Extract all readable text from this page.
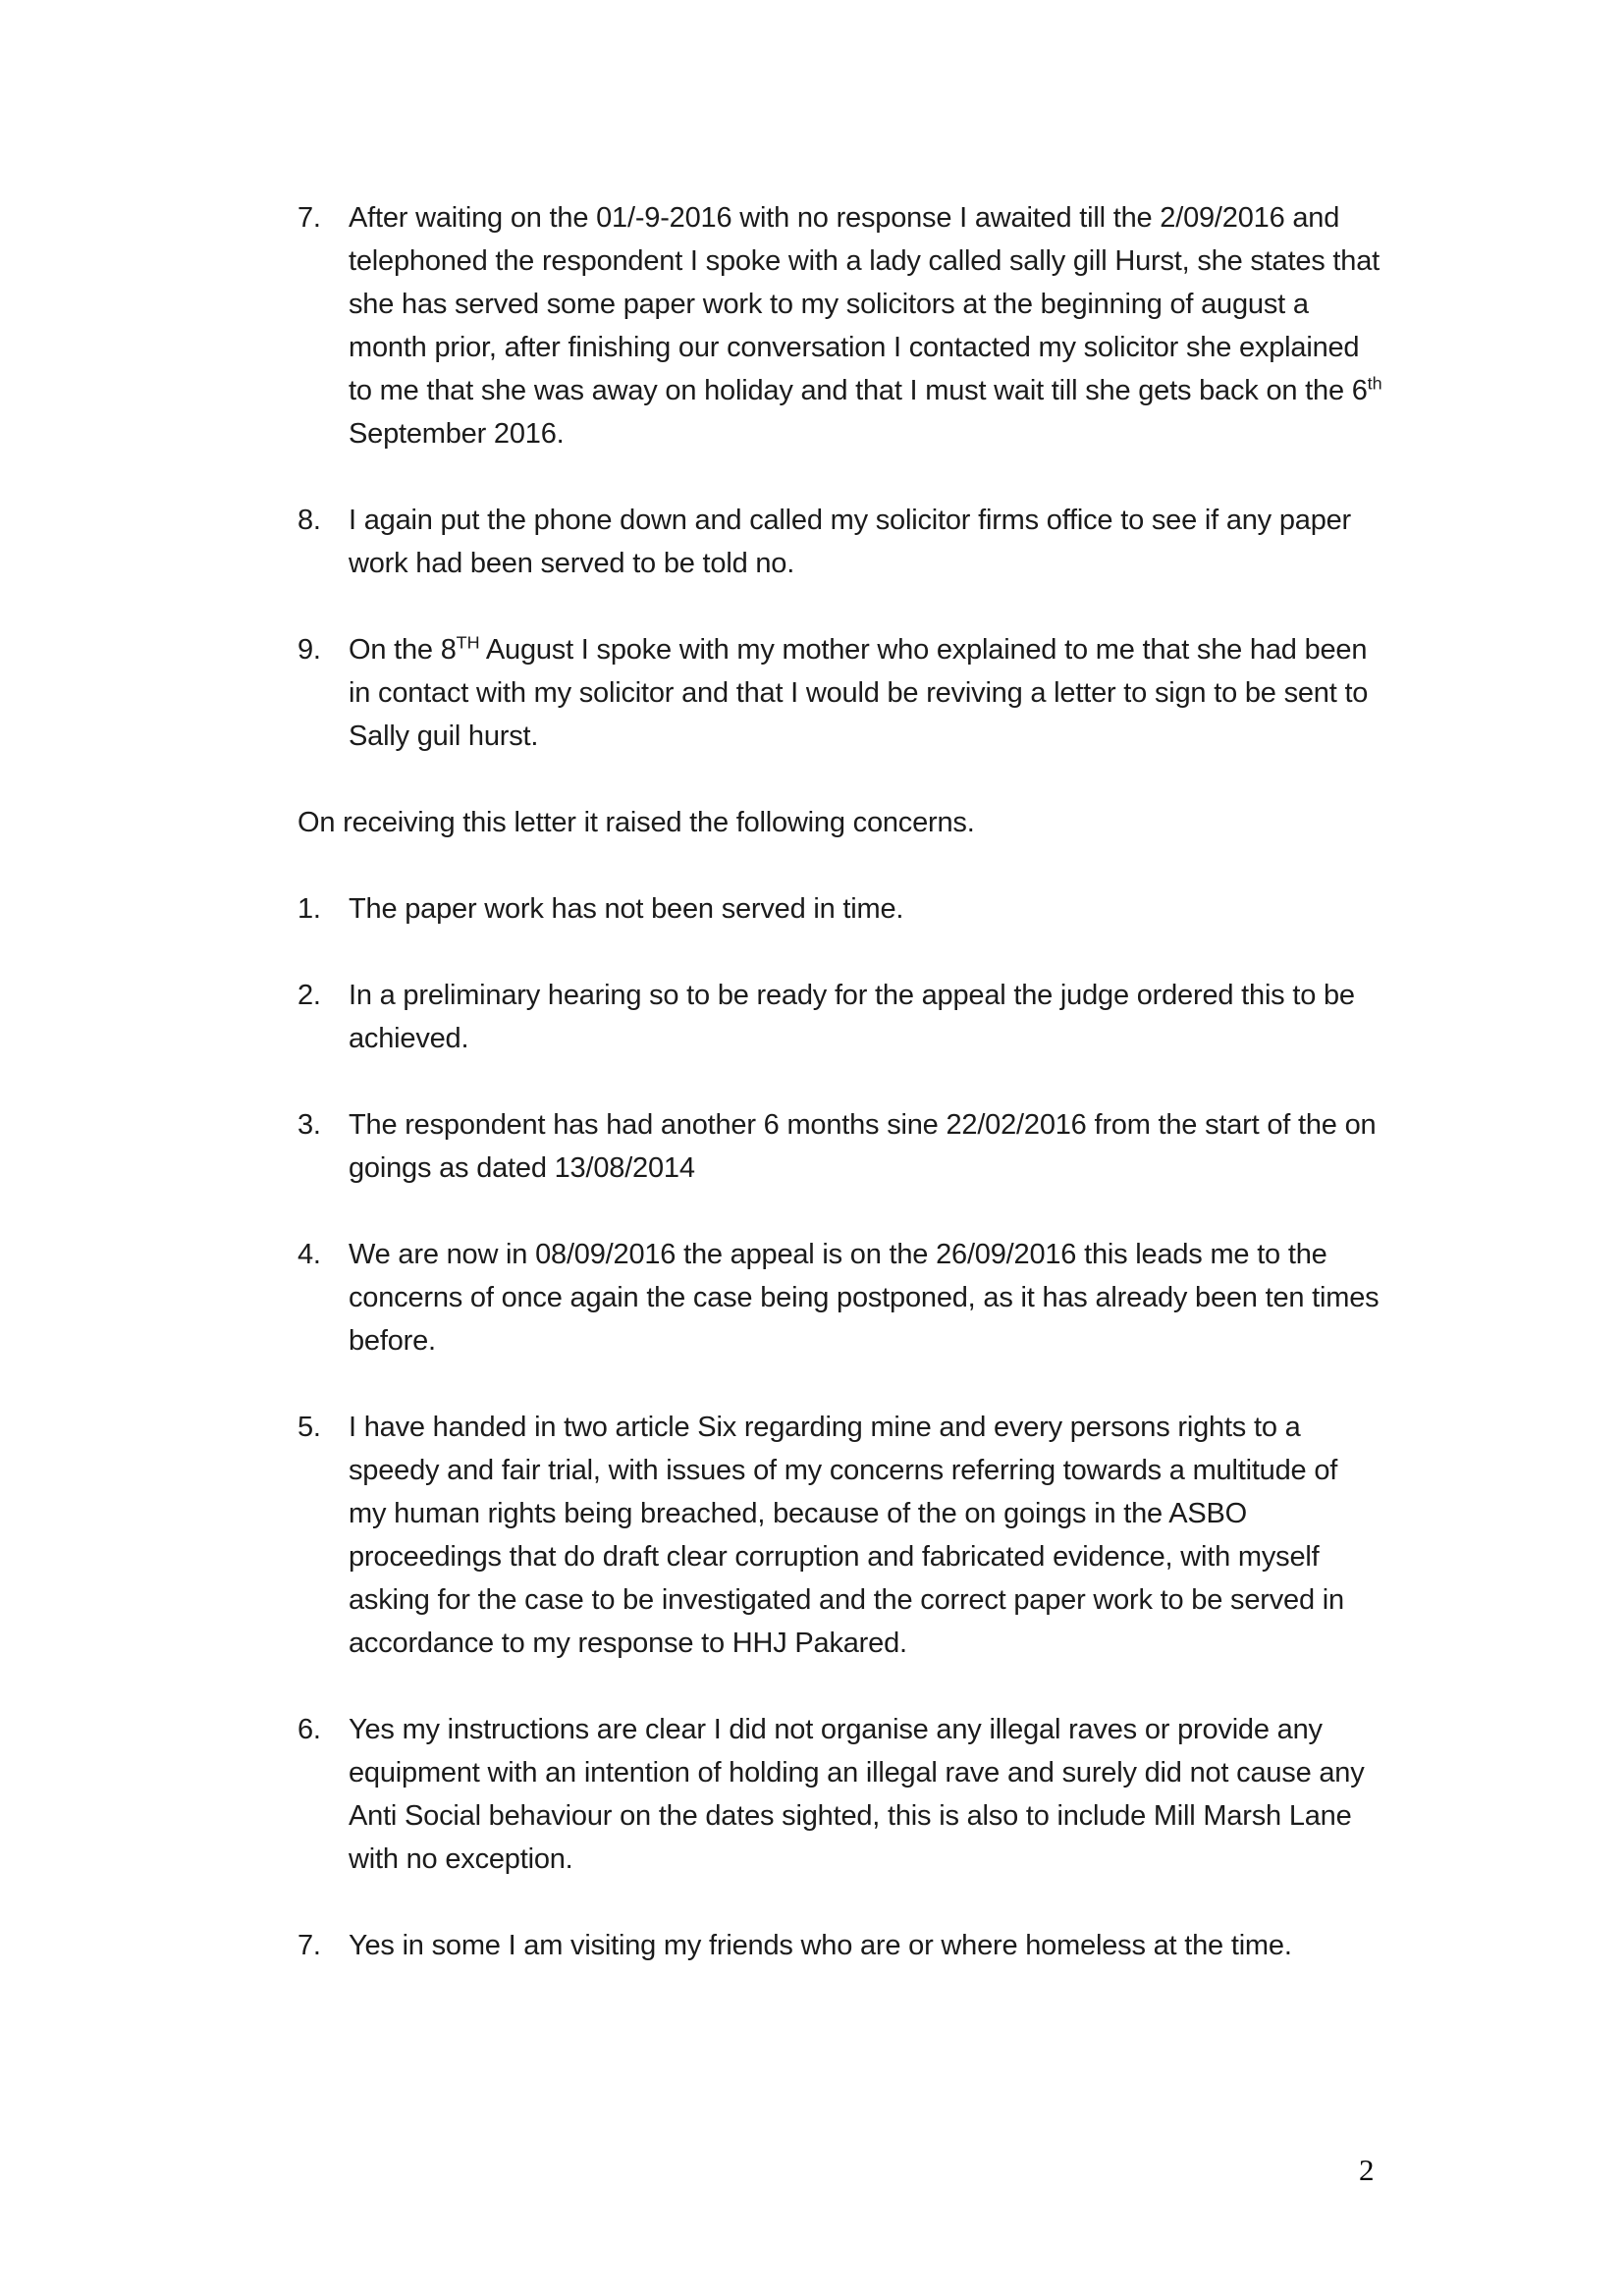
7. After waiting on the 01/-9-2016 with no response I awaited till the 2/09/2016 and telephoned the respondent I spoke with a lady called sally gill Hurst, she states that she has served some paper work to my solicitors at the beginning of august a month prior, after finishing our conversation I contacted my solicitor she explained to me that she was away on holiday and that I must wait till she gets back on the 6th September 2016.
8. I again put the phone down and called my solicitor firms office to see if any paper work had been served to be told no.
9. On the 8TH August I spoke with my mother who explained to me that she had been in contact with my solicitor and that I would be reviving a letter to sign to be sent to Sally guil hurst.
On receiving this letter it raised the following concerns.
1. The paper work has not been served in time.
2. In a preliminary hearing so to be ready for the appeal the judge ordered this to be achieved.
3. The respondent has had another 6 months sine 22/02/2016 from the start of the on goings as dated 13/08/2014
4. We are now in 08/09/2016 the appeal is on the 26/09/2016 this leads me to the concerns of once again the case being postponed, as it has already been ten times before.
5. I have handed in two article Six regarding mine and every persons rights to a speedy and fair trial, with issues of my concerns referring towards a multitude of my human rights being breached, because of the on goings in the ASBO proceedings that do draft clear corruption and fabricated evidence, with myself asking for the case to be investigated and the correct paper work to be served in accordance to my response to HHJ Pakared.
6. Yes my instructions are clear I did not organise any illegal raves or provide any equipment with an intention of holding an illegal rave and surely did not cause any Anti Social behaviour on the dates sighted, this is also to include Mill Marsh Lane with no exception.
7. Yes in some I am visiting my friends who are or where homeless at the time.
2
